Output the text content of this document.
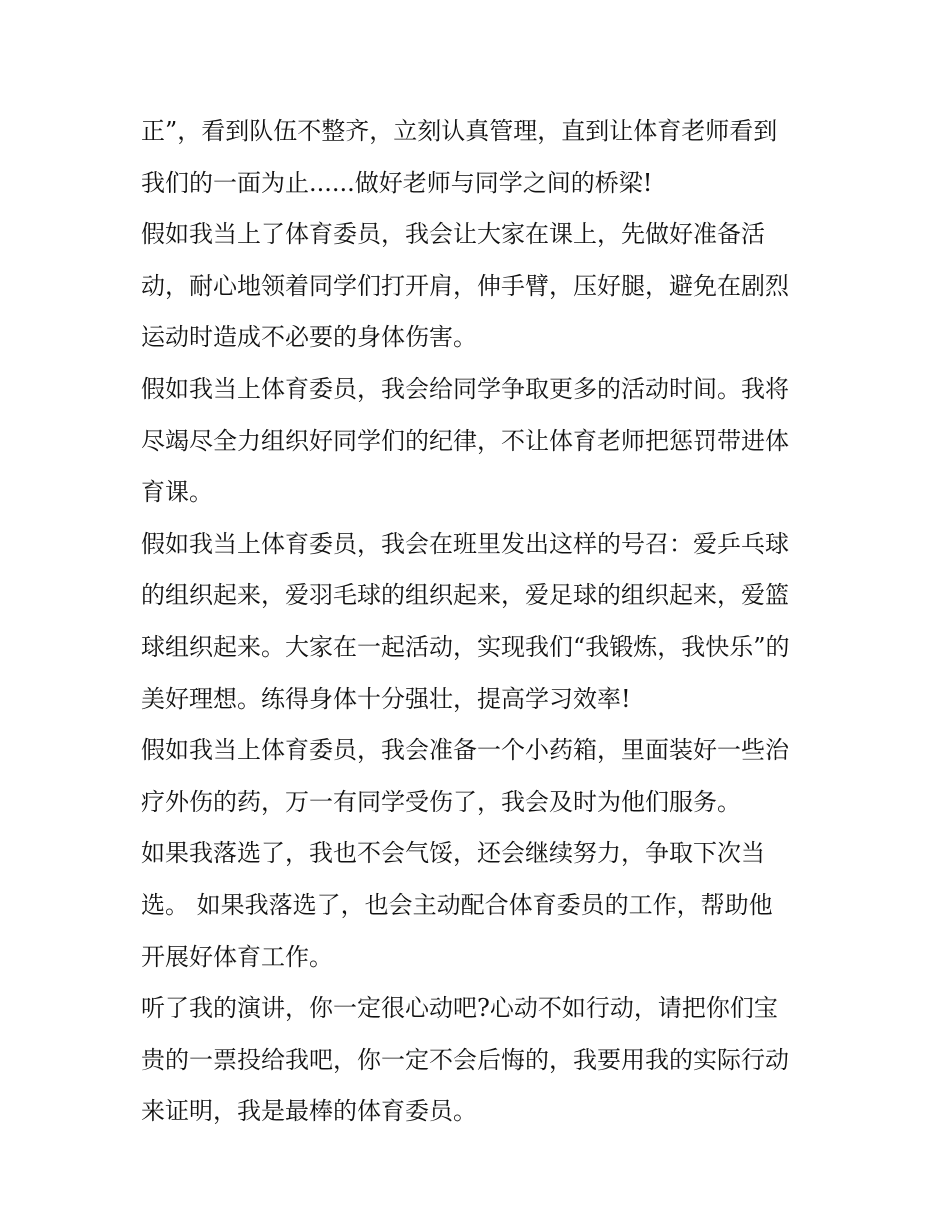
正”，看到队伍不整齐，立刻认真管理，直到让体育老师看到
我们的一面为止......做好老师与同学之间的桥梁!

假如我当上了体育委员，我会让大家在课上，先做好准备活
动，耐心地领着同学们打开肩，伸手臂，压好腿，避免在剧烈
运动时造成不必要的身体伤害。

假如我当上体育委员，我会给同学争取更多的活动时间。我将
尽竭尽全力组织好同学们的纪律，不让体育老师把惩罚带进体
育课。

假如我当上体育委员，我会在班里发出这样的号召：爱乒乓球
的组织起来，爱羽毛球的组织起来，爱足球的组织起来，爱篮
球组织起来。大家在一起活动，实现我们“我锻炼，我快乐”的
美好理想。练得身体十分强壮，提高学习效率!

假如我当上体育委员，我会准备一个小药箱，里面装好一些治
疗外伤的药，万一有同学受伤了，我会及时为他们服务。

如果我落选了，我也不会气馁，还会继续努力，争取下次当
选。 如果我落选了，也会主动配合体育委员的工作，帮助他
开展好体育工作。

听了我的演讲，你一定很心动吧?心动不如行动，请把你们宝
贵的一票投给我吧，你一定不会后悔的，我要用我的实际行动
来证明，我是最棒的体育委员。
